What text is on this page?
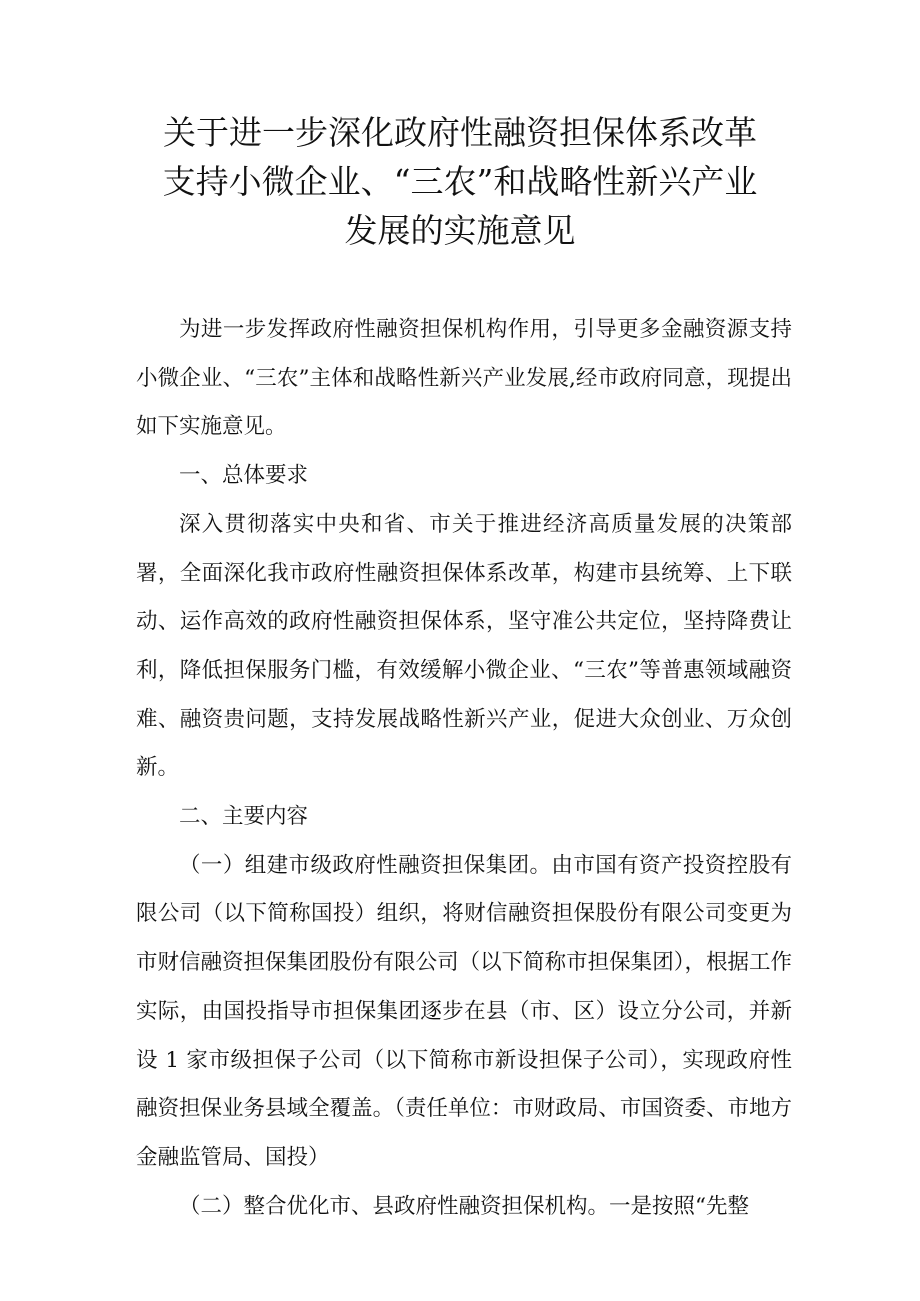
关于进一步深化政府性融资担保体系改革
支持小微企业、“三农”和战略性新兴产业
发展的实施意见

为进一步发挥政府性融资担保机构作用，引导更多金融资源支持小微企业、“三农”主体和战略性新兴产业发展,经市政府同意，现提出如下实施意见。

一、总体要求

深入贯彻落实中央和省、市关于推进经济高质量发展的决策部署，全面深化我市政府性融资担保体系改革，构建市县统筹、上下联动、运作高效的政府性融资担保体系，坚守准公共定位，坚持降费让利，降低担保服务门槛，有效缓解小微企业、“三农”等普惠领域融资难、融资贵问题，支持发展战略性新兴产业，促进大众创业、万众创新。

二、主要内容

（一）组建市级政府性融资担保集团。由市国有资产投资控股有限公司（以下简称国投）组织，将财信融资担保股份有限公司变更为市财信融资担保集团股份有限公司（以下简称市担保集团），根据工作实际，由国投指导市担保集团逐步在县（市、区）设立分公司，并新设 1 家市级担保子公司（以下简称市新设担保子公司），实现政府性融资担保业务县域全覆盖。（责任单位：市财政局、市国资委、市地方金融监管局、国投）

（二）整合优化市、县政府性融资担保机构。一是按照“先整
